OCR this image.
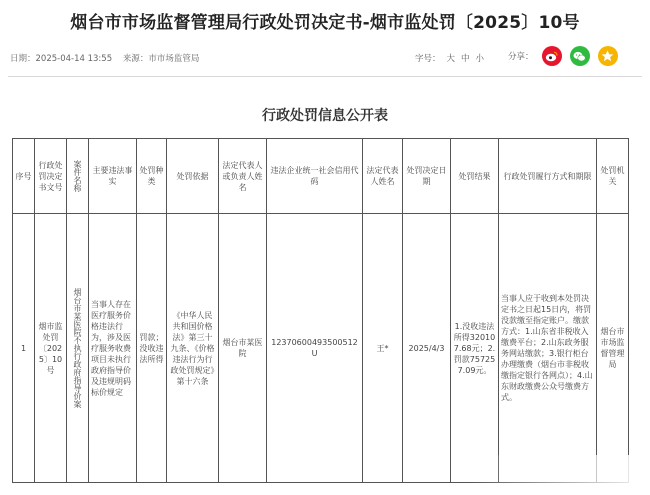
烟台市市场监督管理局行政处罚决定书-烟市监处罚〔2025〕10号
日期：2025-04-14 13:55 来源：市市场监管局	字号： 大 中 小	分享：
行政处罚信息公开表
序号	行政处罚决定书文号	案件名称	主要违法事实	处罚种类	处罚依据	法定代表人或负责人姓名	违法企业统一社会信用代码	法定代表人姓名	处罚决定日期	处罚结果	行政处罚履行方式和期限	处罚机关
1	烟市监处罚〔2025〕10号	烟台市某医院不执行政府指导价案	当事人存在医疗服务价格违法行为，涉及医疗服务收费项目未执行政府指导价及违规明码标价规定	罚款；没收违法所得	《中华人民共和国价格法》第三十九条、《价格违法行为行政处罚规定》第十六条	烟台市某医院	12370600493500512U	王*	2025/4/3	1.没收违法所得320107.68元；2.罚款757257.09元。	当事人应于收到本处罚决定书之日起15日内，将罚没款缴至指定账户。缴款方式：1.山东省非税收入缴费平台；2.山东政务服务网站缴款；3.银行柜台办理缴费（烟台市非税收缴指定银行各网点）；4.山东财政缴费公众号缴费方式。	烟台市市场监督管理局
